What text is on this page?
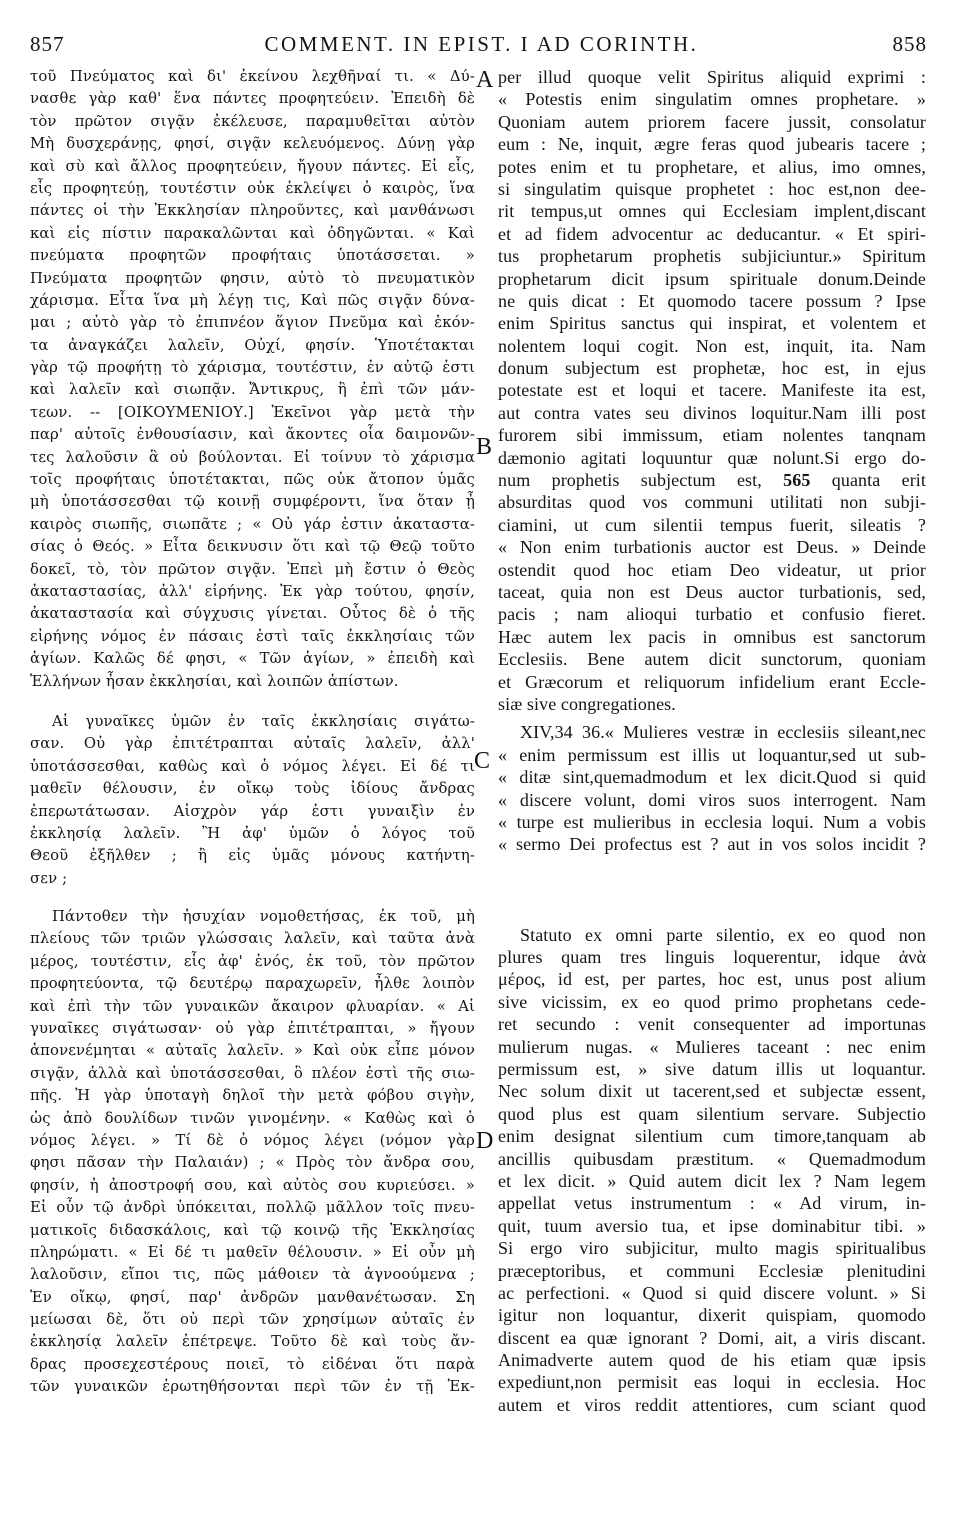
857	COMMENT. IN EPIST. I AD CORINTH.	858
A
B
C
D
τοῦ Πνεύματος καὶ δι' ἐκείνου λεχθῆναί τι. « Δύ-
νασθε γὰρ καθ' ἕνα πάντες προφητεύειν. Ἐπειδὴ δὲ
τὸν πρῶτον σιγᾷν ἐκέλευσε, παραμυθεῖται αὐτὸν
Μὴ δυσχεράνῃς, φησί, σιγᾷν κελευόμενος. Δύνῃ γὰρ
καὶ σὺ καὶ ἄλλος προφητεύειν, ἤγουν πάντες. Εἰ εἷς,
εἷς προφητεύῃ, τουτέστιν οὐκ ἐκλείψει ὁ καιρὸς, ἵνα
πάντες οἱ τὴν Ἐκκλησίαν πληροῦντες, καὶ μανθάνωσι
καὶ εἰς πίστιν παρακαλῶνται καὶ ὁδηγῶνται. « Καὶ
πνεύματα προφητῶν προφήταις ὑποτάσσεται. »
Πνεύματα προφητῶν φησιν, αὐτὸ τὸ πνευματικὸν
χάρισμα. Εἶτα ἵνα μὴ λέγῃ τις, Καὶ πῶς σιγᾷν δύνα-
μαι ; αὐτὸ γὰρ τὸ ἐπιπνέον ἅγιον Πνεῦμα καὶ ἑκόν-
τα ἀναγκάζει λαλεῖν, Οὐχί, φησίν. Ὑποτέτακται
γὰρ τῷ προφήτῃ τὸ χάρισμα, τουτέστιν, ἐν αὐτῷ ἐστι
καὶ λαλεῖν καὶ σιωπᾷν. Ἄντικρυς, ἢ ἐπὶ τῶν μάν-
τεων. -- [ΟΙΚΟΥΜΕΝΙΟΥ.] Ἐκεῖνοι γὰρ μετὰ τὴν
παρ' αὐτοῖς ἐνθουσίασιν, καὶ ἄκοντες οἷα δαιμονῶν-
τες λαλοῦσιν ἃ οὐ βούλονται. Εἰ τοίνυν τὸ χάρισμα
τοῖς προφήταις ὑποτέτακται, πῶς οὐκ ἄτοπον ὑμᾶς
μὴ ὑποτάσσεσθαι τῷ κοινῇ συμφέροντι, ἵνα ὅταν ᾖ
καιρὸς σιωπῆς, σιωπᾶτε ; « Οὐ γάρ ἐστιν ἀκαταστα-
σίας ὁ Θεός. » Εἶτα δεικνυσιν ὅτι καὶ τῷ Θεῷ τοῦτο
δοκεῖ, τὸ, τὸν πρῶτον σιγᾷν. Ἐπεὶ μὴ ἔστιν ὁ Θεὸς
ἀκαταστασίας, ἀλλ' εἰρήνης. Ἐκ γὰρ τούτου, φησίν,
ἀκαταστασία καὶ σύγχυσις γίνεται. Οὗτος δὲ ὁ τῆς
εἰρήνης νόμος ἐν πάσαις ἐστὶ ταῖς ἐκκλησίαις τῶν
ἁγίων. Καλῶς δέ φησι, « Τῶν ἁγίων, » ἐπειδὴ καὶ
Ἑλλήνων ἦσαν ἐκκλησίαι, καὶ λοιπῶν ἀπίστων.
Αἱ γυναῖκες ὑμῶν ἐν ταῖς ἐκκλησίαις σιγάτω-
σαν. Οὐ γὰρ ἐπιτέτραπται αὐταῖς λαλεῖν, ἀλλ'
ὑποτάσσεσθαι, καθὼς καὶ ὁ νόμος λέγει. Εἰ δέ τι
μαθεῖν θέλουσιν, ἐν οἴκῳ τοὺς ἰδίους ἄνδρας
ἐπερωτάτωσαν. Αἰσχρὸν γάρ ἐστι γυναιξὶν ἐν
ἐκκλησίᾳ λαλεῖν. Ἢ ἀφ' ὑμῶν ὁ λόγος τοῦ
Θεοῦ ἐξῆλθεν ; ἢ εἰς ὑμᾶς μόνους κατήντη-
σεν ;
Πάντοθεν τὴν ἡσυχίαν νομοθετήσας, ἐκ τοῦ, μὴ
πλείους τῶν τριῶν γλώσσαις λαλεῖν, καὶ ταῦτα ἀνὰ
μέρος, τουτέστιν, εἷς ἀφ' ἑνός, ἐκ τοῦ, τὸν πρῶτον
προφητεύοντα, τῷ δευτέρῳ παραχωρεῖν, ἦλθε λοιπὸν
καὶ ἐπὶ τὴν τῶν γυναικῶν ἄκαιρον φλυαρίαν. « Αἱ
γυναῖκες σιγάτωσαν· οὐ γὰρ ἐπιτέτραπται, » ἤγουν
ἀπονενέμηται « αὐταῖς λαλεῖν. » Καὶ οὐκ εἶπε μόνον
σιγᾷν, ἀλλὰ καὶ ὑποτάσσεσθαι, ὃ πλέον ἐστὶ τῆς σιω-
πῆς. Ἡ γὰρ ὑποταγὴ δηλοῖ τὴν μετὰ φόβου σιγὴν,
ὡς ἀπὸ δουλίδων τινῶν γινομένην. « Καθὼς καὶ ὁ
νόμος λέγει. » Τί δὲ ὁ νόμος λέγει (νόμον γὰρ
φησι πᾶσαν τὴν Παλαιάν) ; « Πρὸς τὸν ἄνδρα σου,
φησίν, ἡ ἀποστροφή σου, καὶ αὐτὸς σου κυριεύσει. »
Εἰ οὖν τῷ ἀνδρὶ ὑπόκειται, πολλῷ μᾶλλον τοῖς πνευ-
ματικοῖς διδασκάλοις, καὶ τῷ κοινῷ τῆς Ἐκκλησίας
πληρώματι. « Εἰ δέ τι μαθεῖν θέλουσιν. » Εἰ οὖν μὴ
λαλοῦσιν, εἴποι τις, πῶς μάθοιεν τὰ ἀγνοούμενα ;
Ἐν οἴκῳ, φησί, παρ' ἀνδρῶν μανθανέτωσαν. Ση
μείωσαι δὲ, ὅτι οὐ περὶ τῶν χρησίμων αὐταῖς ἐν
ἐκκλησίᾳ λαλεῖν ἐπέτρεψε. Τοῦτο δὲ καὶ τοὺς ἄν-
δρας προσεχεστέρους ποιεῖ, τὸ εἰδέναι ὅτι παρὰ
τῶν γυναικῶν ἐρωτηθήσονται περὶ τῶν ἐν τῇ Ἐκ-
per illud quoque velit Spiritus aliquid exprimi :
« Potestis enim singulatim omnes prophetare. »
Quoniam autem priorem facere jussit, consolatur
eum : Ne, inquit, ægre feras quod jubearis tacere ;
potes enim et tu prophetare, et alius, imo omnes,
si singulatim quisque prophetet : hoc est,non dee-
rit tempus,ut omnes qui Ecclesiam implent,discant
et ad fidem advocentur ac deducantur. « Et spiri-
tus prophetarum prophetis subjiciuntur.» Spiritum
prophetarum dicit ipsum spirituale donum.Deinde
ne quis dicat : Et quomodo tacere possum ? Ipse
enim Spiritus sanctus qui inspirat, et volentem et
nolentem loqui cogit. Non est, inquit, ita. Nam
donum subjectum est prophetæ, hoc est, in ejus
potestate est et loqui et tacere. Manifeste ita est,
aut contra vates seu divinos loquitur.Nam illi post
furorem sibi immissum, etiam nolentes tanqnam
dæmonio agitati loquuntur quæ nolunt.Si ergo do-
num prophetis subjectum est, 565 quanta erit
absurditas quod vos communi utilitati non subji-
ciamini, ut cum silentii tempus fuerit, sileatis ?
« Non enim turbationis auctor est Deus. » Deinde
ostendit quod hoc etiam Deo videatur, ut prior
taceat, quia non est Deus auctor turbationis, sed,
pacis ; nam alioqui turbatio et confusio fieret.
Hæc autem lex pacis in omnibus est sanctorum
Ecclesiis. Bene autem dicit sunctorum, quoniam
et Græcorum et reliquorum infidelium erant Eccle-
siæ sive congregationes.
XIV,34 36.« Mulieres vestræ in ecclesiis sileant,nec
« enim permissum est illis ut loquantur,sed ut sub-
« ditæ sint,quemadmodum et lex dicit.Quod si quid
« discere volunt, domi viros suos interrogent. Nam
« turpe est mulieribus in ecclesia loqui. Num a vobis
« sermo Dei profectus est ? aut in vos solos incidit ?
Statuto ex omni parte silentio, ex eo quod non
plures quam tres linguis loquerentur, idque ἀνὰ
μέρος, id est, per partes, hoc est, unus post alium
sive vicissim, ex eo quod primo prophetans cede-
ret secundo : venit consequenter ad importunas
mulierum nugas. « Mulieres taceant : nec enim
permissum est, » sive datum illis ut loquantur.
Nec solum dixit ut tacerent,sed et subjectæ essent,
quod plus est quam silentium servare. Subjectio
enim designat silentium cum timore,tanquam ab
ancillis quibusdam præstitum. « Quemadmodum
et lex dicit. » Quid autem dicit lex ? Nam legem
appellat vetus instrumentum : « Ad virum, in-
quit, tuum aversio tua, et ipse dominabitur tibi. »
Si ergo viro subjicitur, multo magis spiritualibus
præceptoribus, et communi Ecclesiæ plenitudini
ac perfectioni. « Quod si quid discere volunt. » Si
igitur non loquantur, dixerit quispiam, quomodo
discent ea quæ ignorant ? Domi, ait, a viris discant.
Animadverte autem quod de his etiam quæ ipsis
expediunt,non permisit eas loqui in ecclesia. Hoc
autem et viros reddit attentiores, cum sciant quod
